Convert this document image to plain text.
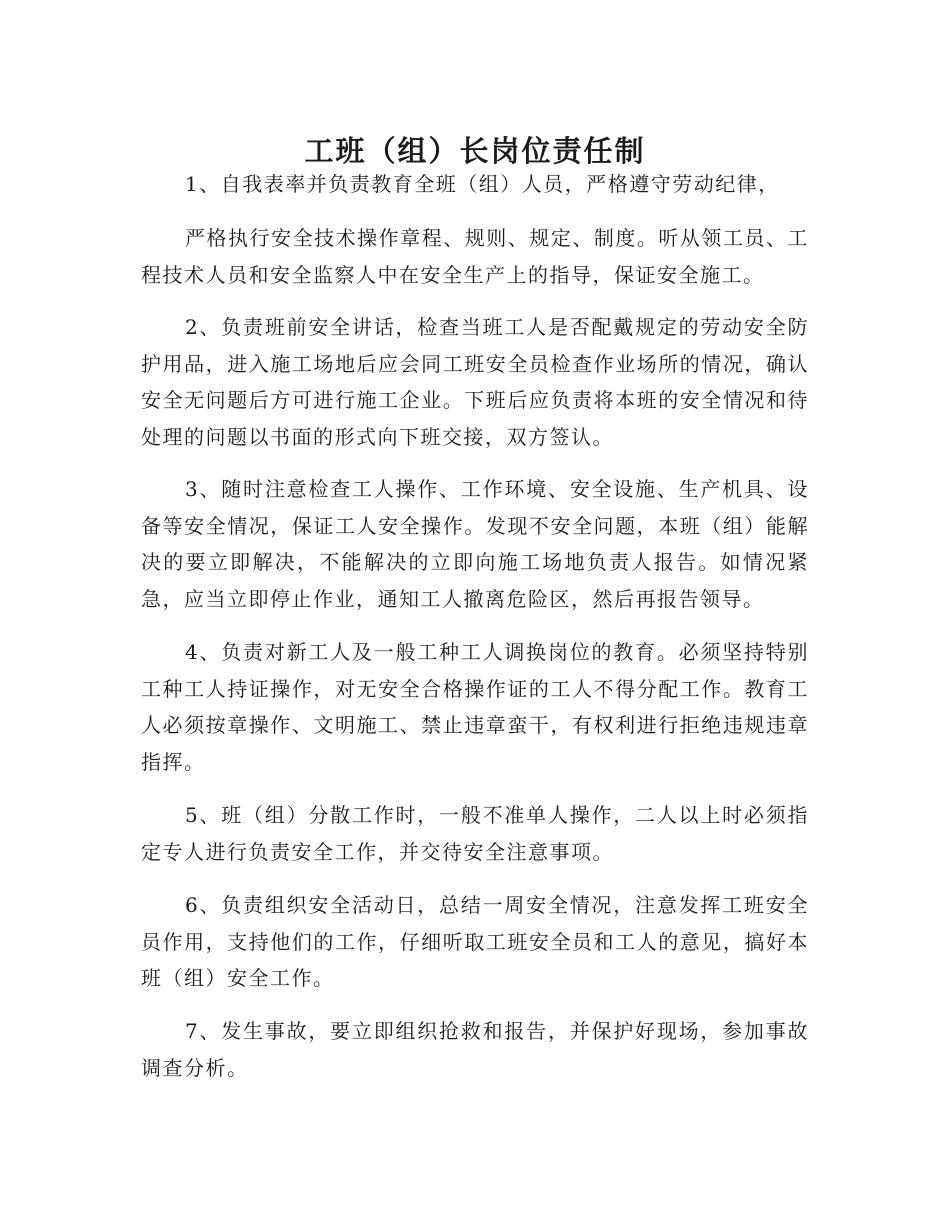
工班（组）长岗位责任制

1、自我表率并负责教育全班（组）人员，严格遵守劳动纪律，

严格执行安全技术操作章程、规则、规定、制度。听从领工员、工程技术人员和安全监察人中在安全生产上的指导，保证安全施工。

2、负责班前安全讲话，检查当班工人是否配戴规定的劳动安全防护用品，进入施工场地后应会同工班安全员检查作业场所的情况，确认安全无问题后方可进行施工企业。下班后应负责将本班的安全情况和待处理的问题以书面的形式向下班交接，双方签认。

3、随时注意检查工人操作、工作环境、安全设施、生产机具、设备等安全情况，保证工人安全操作。发现不安全问题，本班（组）能解决的要立即解决，不能解决的立即向施工场地负责人报告。如情况紧急，应当立即停止作业，通知工人撤离危险区，然后再报告领导。

4、负责对新工人及一般工种工人调换岗位的教育。必须坚持特别工种工人持证操作，对无安全合格操作证的工人不得分配工作。教育工人必须按章操作、文明施工、禁止违章蛮干，有权利进行拒绝违规违章指挥。

5、班（组）分散工作时，一般不准单人操作，二人以上时必须指定专人进行负责安全工作，并交待安全注意事项。

6、负责组织安全活动日，总结一周安全情况，注意发挥工班安全员作用，支持他们的工作，仔细听取工班安全员和工人的意见，搞好本班（组）安全工作。

7、发生事故，要立即组织抢救和报告，并保护好现场，参加事故调查分析。
